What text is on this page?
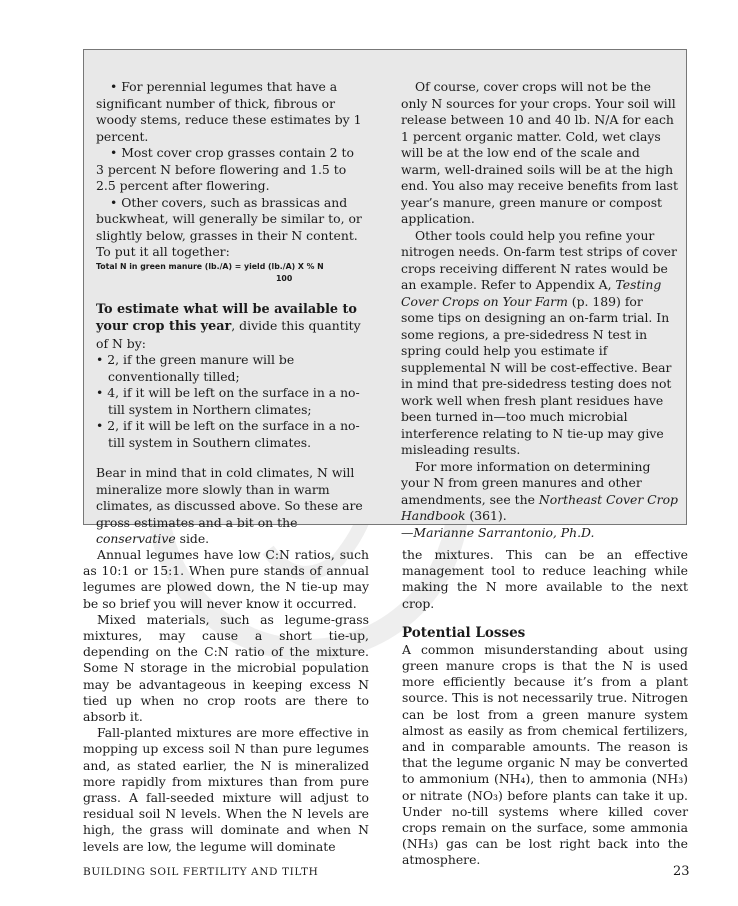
• For perennial legumes that have a significant number of thick, fibrous or woody stems, reduce these estimates by 1 percent.

• Most cover crop grasses contain 2 to 3 percent N before flowering and 1.5 to 2.5 percent after flowering.

• Other covers, such as brassicas and buckwheat, will generally be similar to, or slightly below, grasses in their N content. To put it all together:

Total N in green manure (lb./A) = yield (lb./A) X % N
100

To estimate what will be available to your crop this year, divide this quantity of N by:

• 2, if the green manure will be conventionally tilled;

• 4, if it will be left on the surface in a no-till system in Northern climates;

• 2, if it will be left on the surface in a no-till system in Southern climates.

Bear in mind that in cold climates, N will mineralize more slowly than in warm climates, as discussed above. So these are gross estimates and a bit on the conservative side.

Of course, cover crops will not be the only N sources for your crops. Your soil will release between 10 and 40 lb. N/A for each 1 percent organic matter. Cold, wet clays will be at the low end of the scale and warm, well-drained soils will be at the high end. You also may receive benefits from last year’s manure, green manure or compost application.

Other tools could help you refine your nitrogen needs. On-farm test strips of cover crops receiving different N rates would be an example. Refer to Appendix A, Testing Cover Crops on Your Farm (p. 189) for some tips on designing an on-farm trial. In some regions, a pre-sidedress N test in spring could help you estimate if supplemental N will be cost-effective. Bear in mind that pre-sidedress testing does not work well when fresh plant residues have been turned in—too much microbial interference relating to N tie-up may give misleading results.

For more information on determining your N from green manures and other amendments, see the Northeast Cover Crop Handbook (361).

—Marianne Sarrantonio, Ph.D.

Annual legumes have low C:N ratios, such as 10:1 or 15:1. When pure stands of annual legumes are plowed down, the N tie-up may be so brief you will never know it occurred.

Mixed materials, such as legume-grass mixtures, may cause a short tie-up, depending on the C:N ratio of the mixture. Some N storage in the microbial population may be advantageous in keeping excess N tied up when no crop roots are there to absorb it.

Fall-planted mixtures are more effective in mopping up excess soil N than pure legumes and, as stated earlier, the N is mineralized more rapidly from mixtures than from pure grass. A fall-seeded mixture will adjust to residual soil N levels. When the N levels are high, the grass will dominate and when N levels are low, the legume will dominate

the mixtures. This can be an effective management tool to reduce leaching while making the N more available to the next crop.

Potential Losses

A common misunderstanding about using green manure crops is that the N is used more efficiently because it’s from a plant source. This is not necessarily true. Nitrogen can be lost from a green manure system almost as easily as from chemical fertilizers, and in comparable amounts. The reason is that the legume organic N may be converted to ammonium (NH₄), then to ammonia (NH₃) or nitrate (NO₃) before plants can take it up. Under no-till systems where killed cover crops remain on the surface, some ammonia (NH₃) gas can be lost right back into the atmosphere.

BUILDING SOIL FERTILITY AND TILTH	23
